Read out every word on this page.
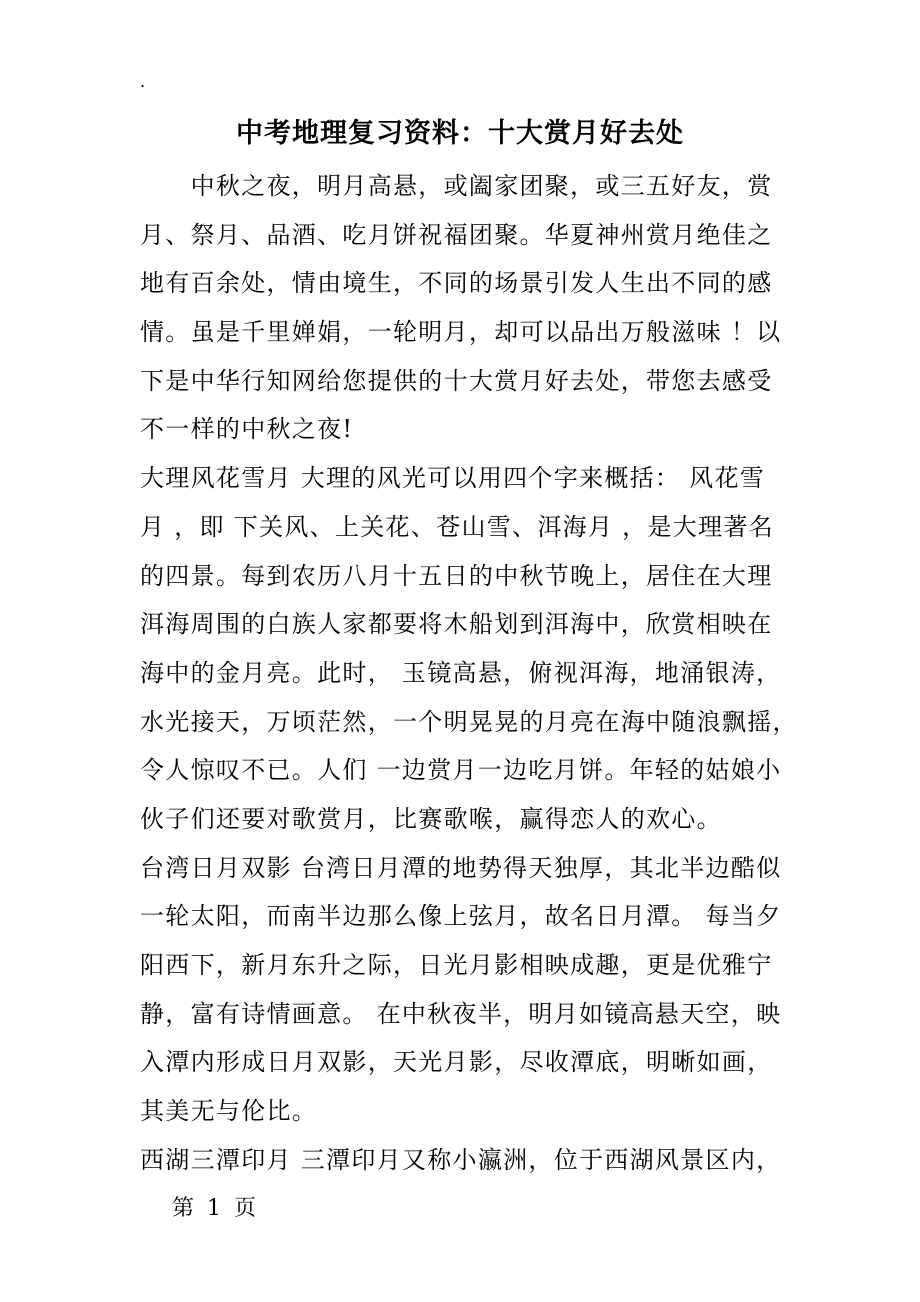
.
中考地理复习资料：十大赏月好去处
　　中秋之夜，明月高悬，或阖家团聚，或三五好友，赏
月、祭月、品酒、吃月饼祝福团聚。华夏神州赏月绝佳之
地有百余处，情由境生，不同的场景引发人生出不同的感
情。虽是千里婵娟，一轮明月，却可以品出万般滋味 ！以
下是中华行知网给您提供的十大赏月好去处，带您去感受
不一样的中秋之夜!
大理风花雪月 大理的风光可以用四个字来概括： 风花雪
月 ，即 下关风、上关花、苍山雪、洱海月 ，是大理著名
的四景。每到农历八月十五日的中秋节晚上，居住在大理
洱海周围的白族人家都要将木船划到洱海中，欣赏相映在
海中的金月亮。此时， 玉镜高悬，俯视洱海，地涌银涛，
水光接天，万顷茫然，一个明晃晃的月亮在海中随浪飘摇，
令人惊叹不已。人们 一边赏月一边吃月饼。年轻的姑娘小
伙子们还要对歌赏月，比赛歌喉，赢得恋人的欢心。
台湾日月双影 台湾日月潭的地势得天独厚，其北半边酷似
一轮太阳，而南半边那么像上弦月，故名日月潭。 每当夕
阳西下，新月东升之际，日光月影相映成趣，更是优雅宁
静，富有诗情画意。 在中秋夜半，明月如镜高悬天空，映
入潭内形成日月双影，天光月影，尽收潭底，明晰如画，
其美无与伦比。
西湖三潭印月 三潭印月又称小瀛洲，位于西湖风景区内，
第 1 页
